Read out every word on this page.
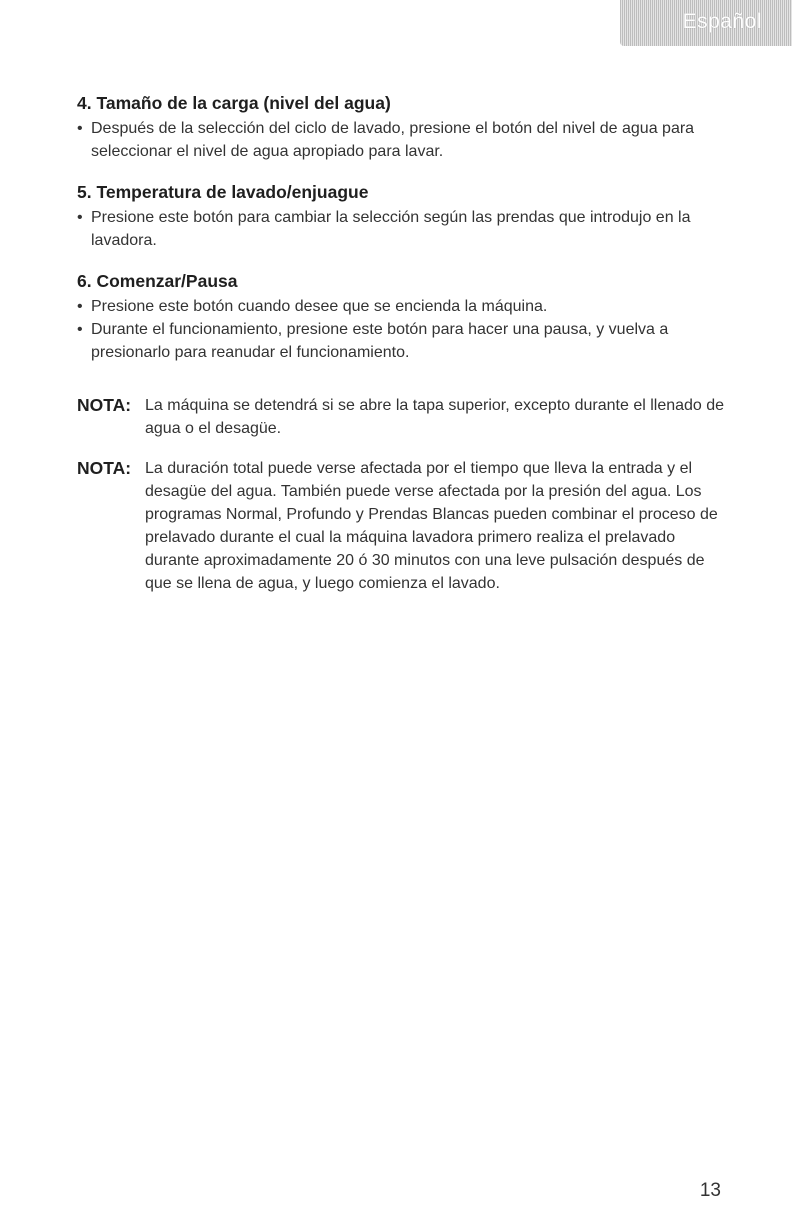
Español
4. Tamaño de la carga (nivel del agua)
• Después de la selección del ciclo de lavado, presione el botón del nivel de agua para seleccionar el nivel de agua apropiado para lavar.
5. Temperatura de lavado/enjuague
• Presione este botón para cambiar la selección según las prendas que introdujo en la lavadora.
6. Comenzar/Pausa
• Presione este botón cuando desee que se encienda la máquina.
• Durante el funcionamiento, presione este botón para hacer una pausa, y vuelva a presionarlo para reanudar el funcionamiento.
NOTA: La máquina se detendrá si se abre la tapa superior, excepto durante el llenado de agua o el desagüe.
NOTA: La duración total puede verse afectada por el tiempo que lleva la entrada y el desagüe del agua. También puede verse afectada por la presión del agua. Los programas Normal, Profundo y Prendas Blancas pueden combinar el proceso de prelavado durante el cual la máquina lavadora primero realiza el prelavado durante aproximadamente 20 ó 30 minutos con una leve pulsación después de que se llena de agua, y luego comienza el lavado.
13
